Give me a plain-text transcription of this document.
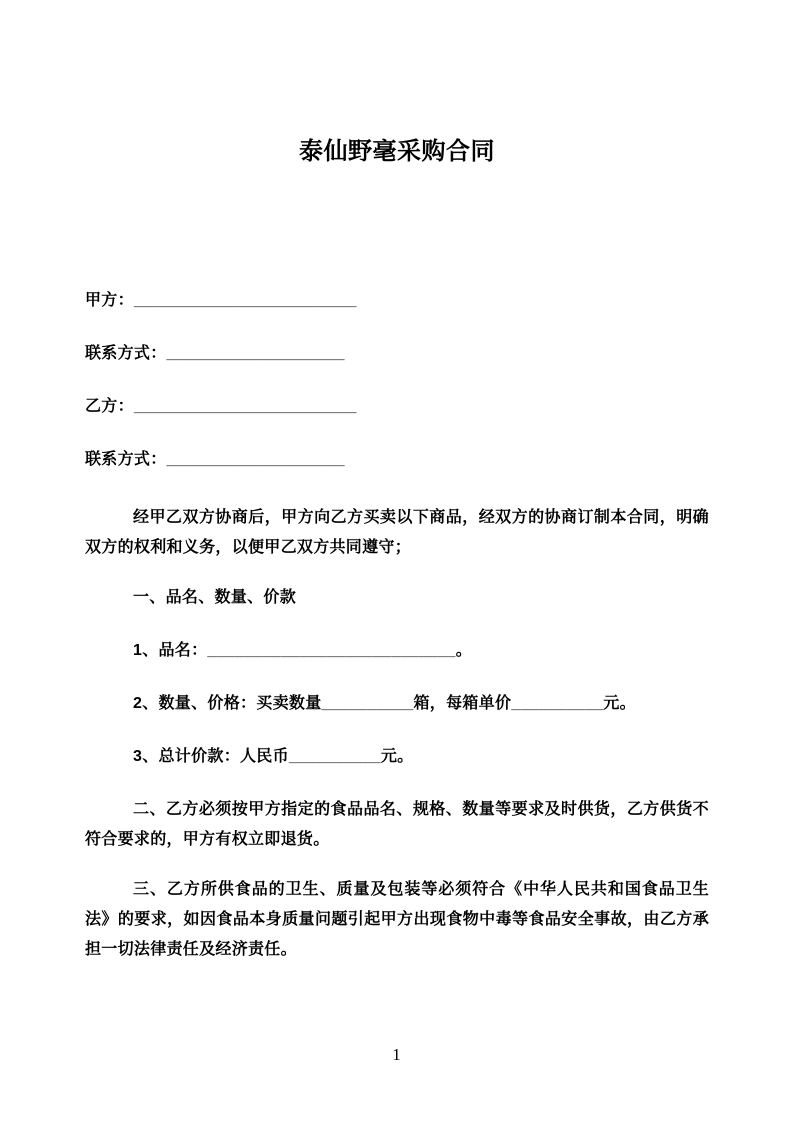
泰仙野毫采购合同

甲方：_________________________

联系方式：____________________

乙方：_________________________

联系方式：____________________

经甲乙双方协商后，甲方向乙方买卖以下商品，经双方的协商订制本合同，明确双方的权利和义务，以便甲乙双方共同遵守；

一、品名、数量、价款

1、品名：___________________________。

2、数量、价格：买卖数量__________箱，每箱单价__________元。

3、总计价款：人民币__________元。

二、乙方必须按甲方指定的食品品名、规格、数量等要求及时供货，乙方供货不符合要求的，甲方有权立即退货。

三、乙方所供食品的卫生、质量及包装等必须符合《中华人民共和国食品卫生法》的要求，如因食品本身质量问题引起甲方出现食物中毒等食品安全事故，由乙方承担一切法律责任及经济责任。

1
